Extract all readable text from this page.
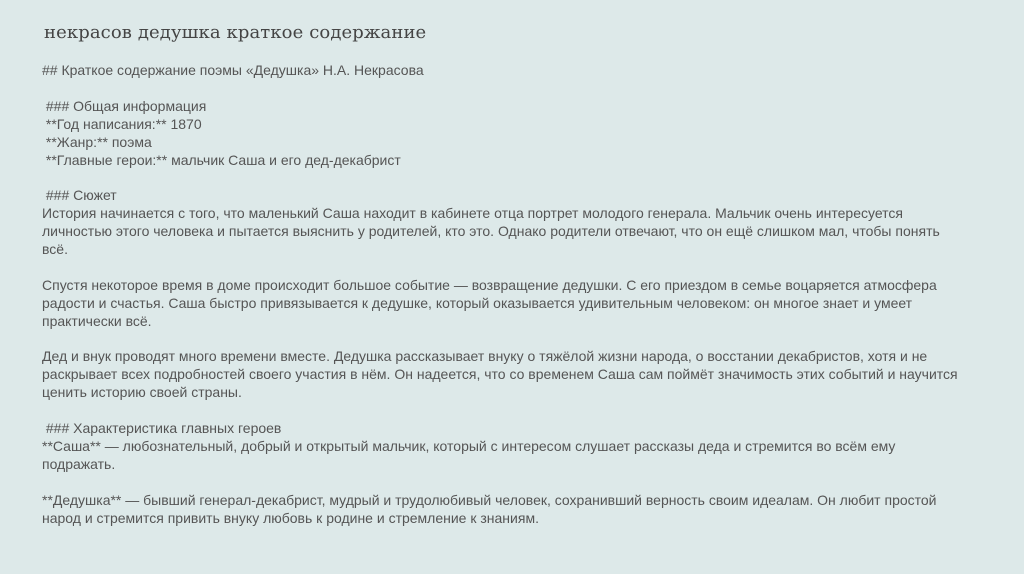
некрасов дедушка краткое содержание
## Краткое содержание поэмы «Дедушка» Н.А. Некрасова
### Общая информация
**Год написания:** 1870
**Жанр:** поэма
**Главные герои:** мальчик Саша и его дед-декабрист
### Сюжет
История начинается с того, что маленький Саша находит в кабинете отца портрет молодого генерала. Мальчик очень интересуется личностью этого человека и пытается выяснить у родителей, кто это. Однако родители отвечают, что он ещё слишком мал, чтобы понять всё.
Спустя некоторое время в доме происходит большое событие — возвращение дедушки. С его приездом в семье воцаряется атмосфера радости и счастья. Саша быстро привязывается к дедушке, который оказывается удивительным человеком: он многое знает и умеет практически всё.
Дед и внук проводят много времени вместе. Дедушка рассказывает внуку о тяжёлой жизни народа, о восстании декабристов, хотя и не раскрывает всех подробностей своего участия в нём. Он надеется, что со временем Саша сам поймёт значимость этих событий и научится ценить историю своей страны.
### Характеристика главных героев
**Саша** — любознательный, добрый и открытый мальчик, который с интересом слушает рассказы деда и стремится во всём ему подражать.
**Дедушка** — бывший генерал-декабрист, мудрый и трудолюбивый человек, сохранивший верность своим идеалам. Он любит простой народ и стремится привить внуку любовь к родине и стремление к знаниям.
